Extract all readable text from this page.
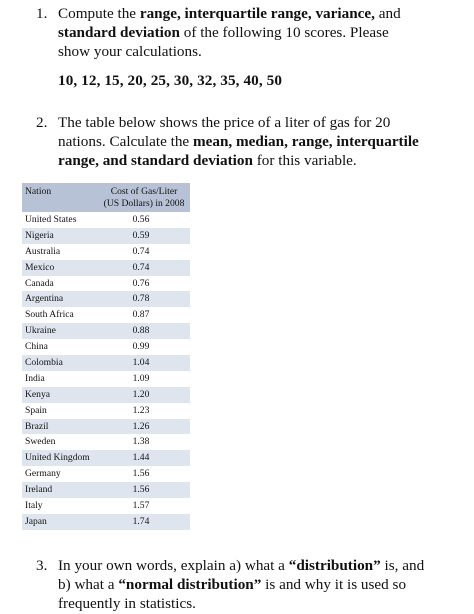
1. Compute the range, interquartile range, variance, and
standard deviation of the following 10 scores. Please
show your calculations.
10, 12, 15, 20, 25, 30, 32, 35, 40, 50
2. The table below shows the price of a liter of gas for 20
nations. Calculate the mean, median, range, interquartile
range, and standard deviation for this variable.
Nation	Cost of Gas/Liter
(US Dollars) in 2008
United States	0.56
Nigeria	0.59
Australia	0.74
Mexico	0.74
Canada	0.76
Argentina	0.78
South Africa	0.87
Ukraine	0.88
China	0.99
Colombia	1.04
India	1.09
Kenya	1.20
Spain	1.23
Brazil	1.26
Sweden	1.38
United Kingdom	1.44
Germany	1.56
Ireland	1.56
Italy	1.57
Japan	1.74
3. In your own words, explain a) what a “distribution” is, and
b) what a “normal distribution” is and why it is used so
frequently in statistics.
